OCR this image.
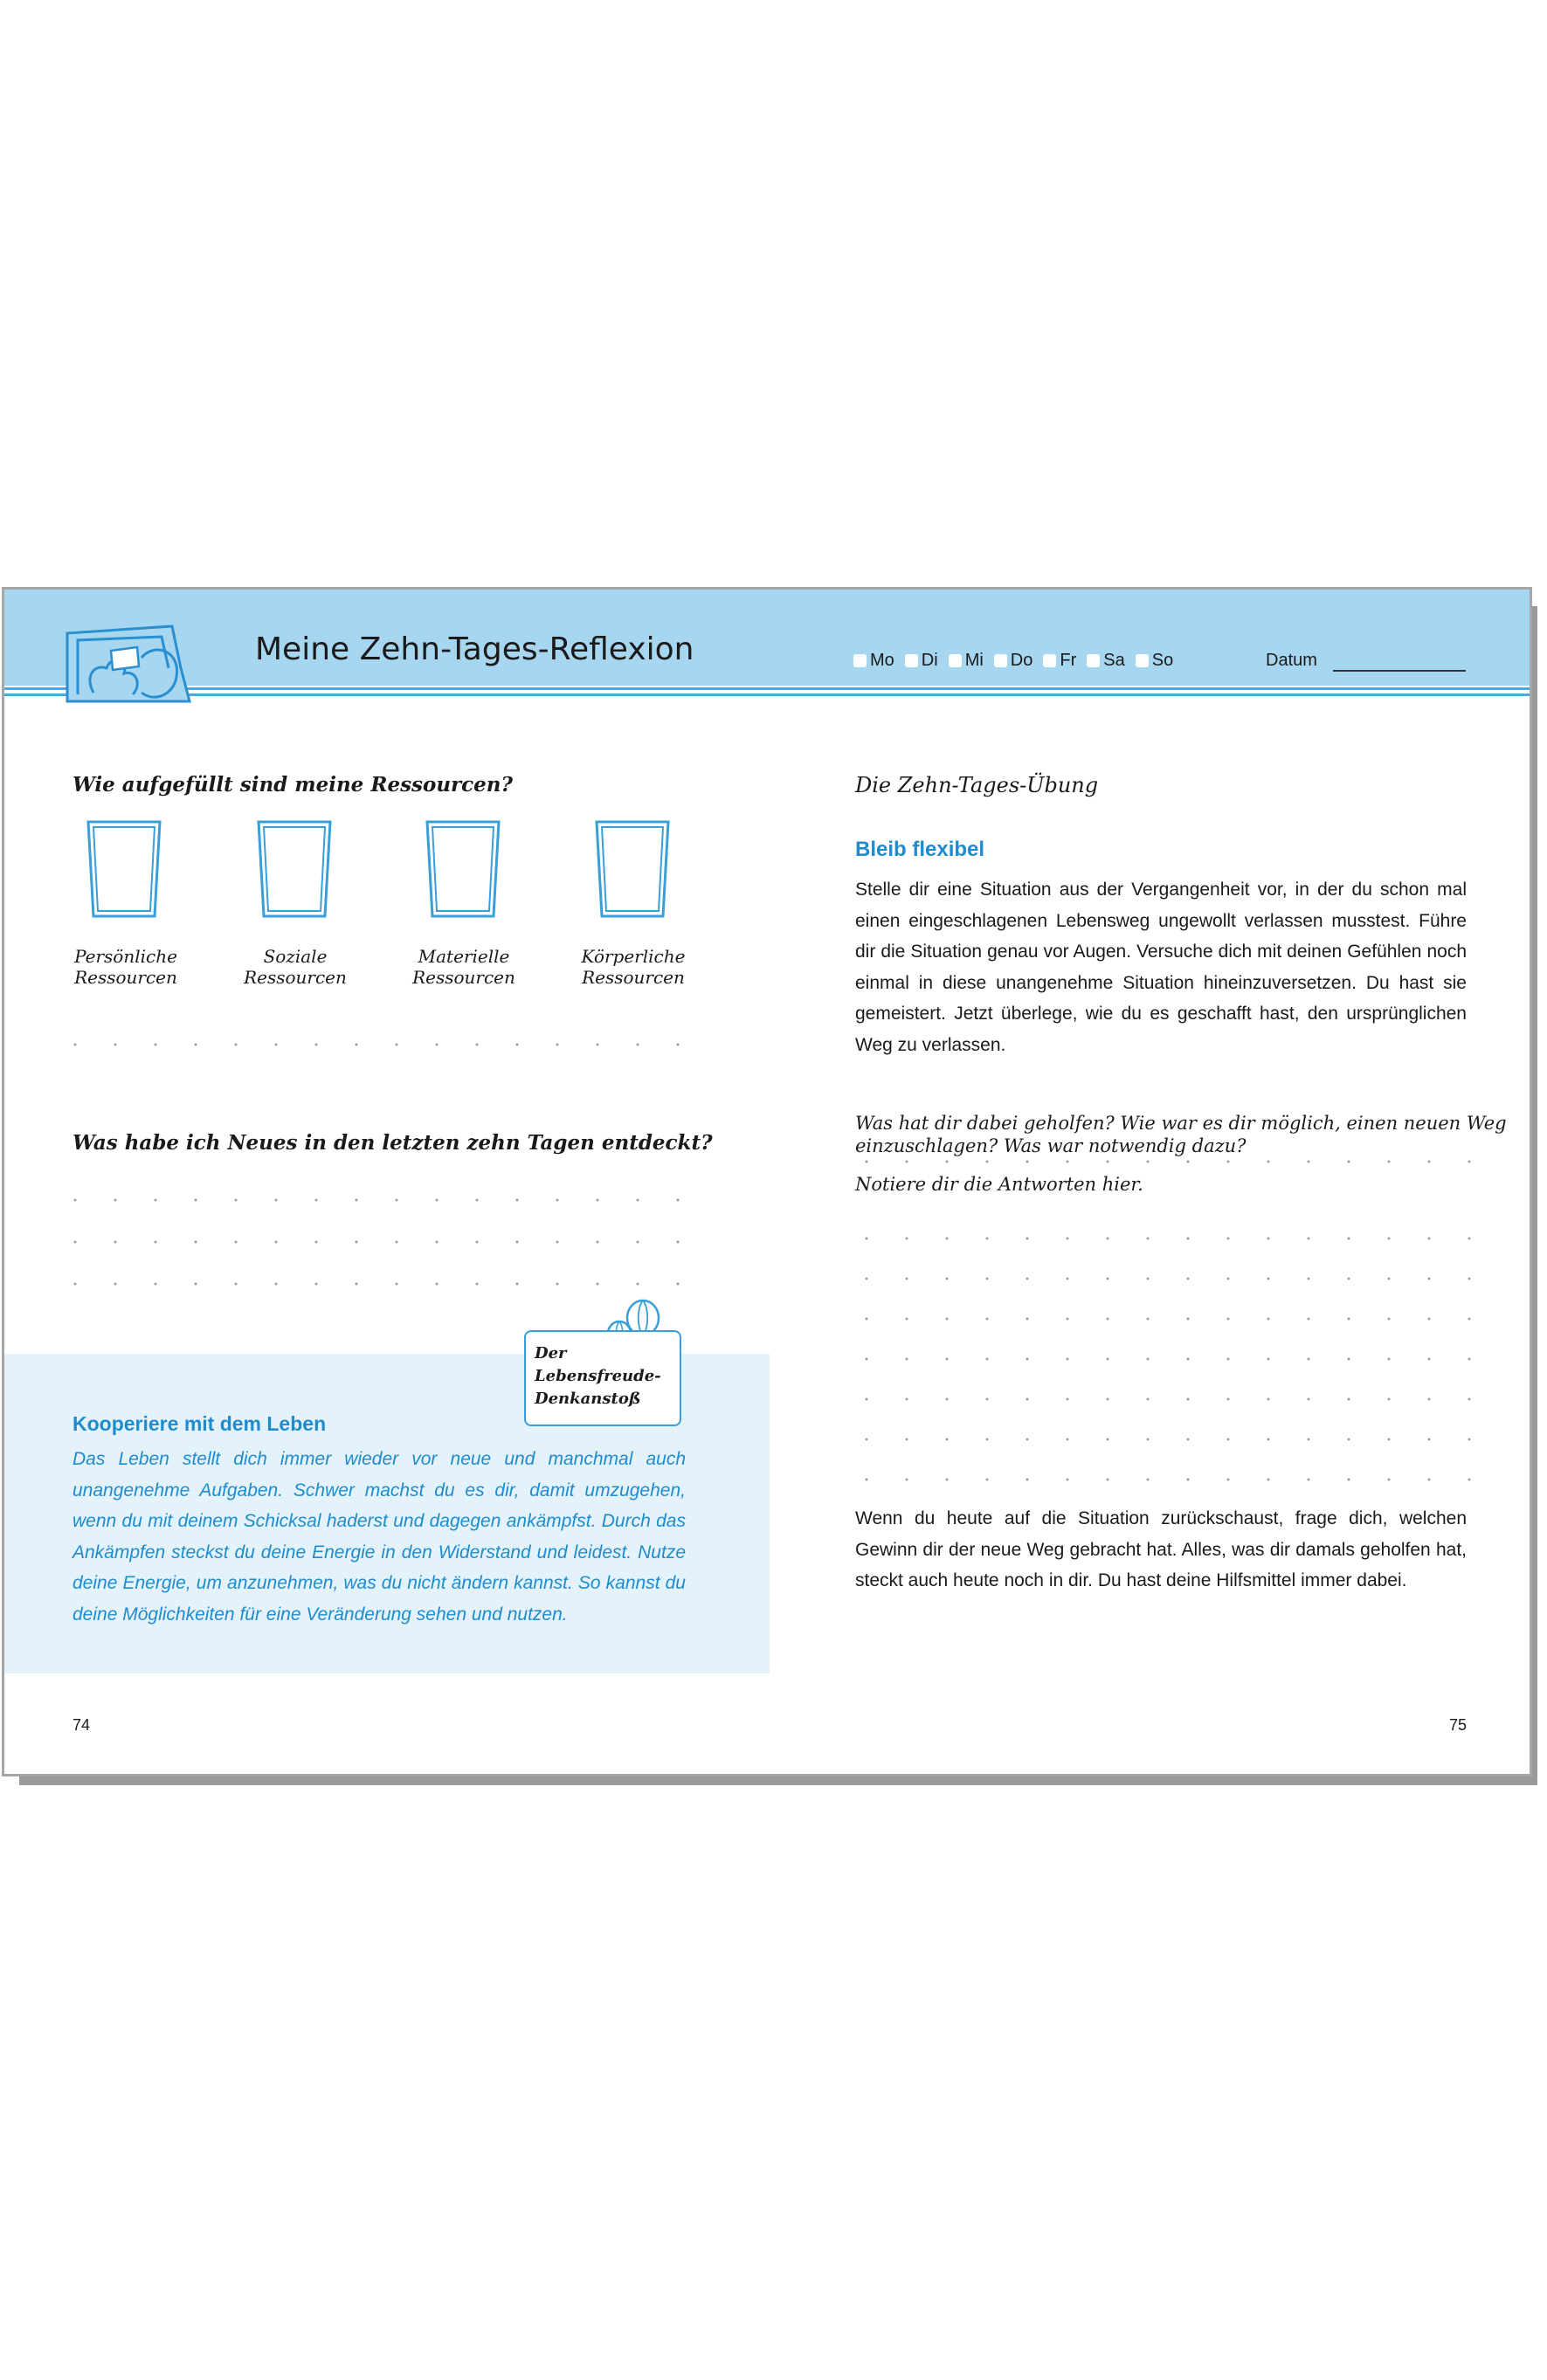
Meine Zehn-Tages-Reflexion	Mo Di Mi Do Fr Sa So	Datum
Wie aufgefüllt sind meine Ressourcen?
Persönliche
Ressourcen
Soziale
Ressourcen
Materielle
Ressourcen
Körperliche
Ressourcen
Was habe ich Neues in den letzten zehn Tagen entdeckt?
Der
Lebensfreude-
Denkanstoß
Kooperiere mit dem Leben
Das Leben stellt dich immer wieder vor neue und manchmal auch unangenehme Aufgaben. Schwer machst du es dir, damit umzugehen, wenn du mit deinem Schicksal haderst und dagegen ankämpfst. Durch das Ankämpfen steckst du deine Energie in den Widerstand und leidest. Nutze deine Energie, um anzunehmen, was du nicht ändern kannst. So kannst du deine Möglichkeiten für eine Veränderung sehen und nutzen.
74
Die Zehn-Tages-Übung
Bleib flexibel
Stelle dir eine Situation aus der Vergangenheit vor, in der du schon mal einen eingeschlagenen Lebensweg ungewollt verlassen musstest. Führe dir die Situation genau vor Augen. Versuche dich mit deinen Gefühlen noch einmal in diese unangenehme Situation hineinzuversetzen. Du hast sie gemeistert. Jetzt überlege, wie du es geschafft hast, den ursprünglichen Weg zu verlassen.
Was hat dir dabei geholfen? Wie war es dir möglich, einen neuen Weg
einzuschlagen? Was war notwendig dazu?
Notiere dir die Antworten hier.
Wenn du heute auf die Situation zurückschaust, frage dich, welchen Gewinn dir der neue Weg gebracht hat. Alles, was dir damals geholfen hat, steckt auch heute noch in dir. Du hast deine Hilfsmittel immer dabei.
75
